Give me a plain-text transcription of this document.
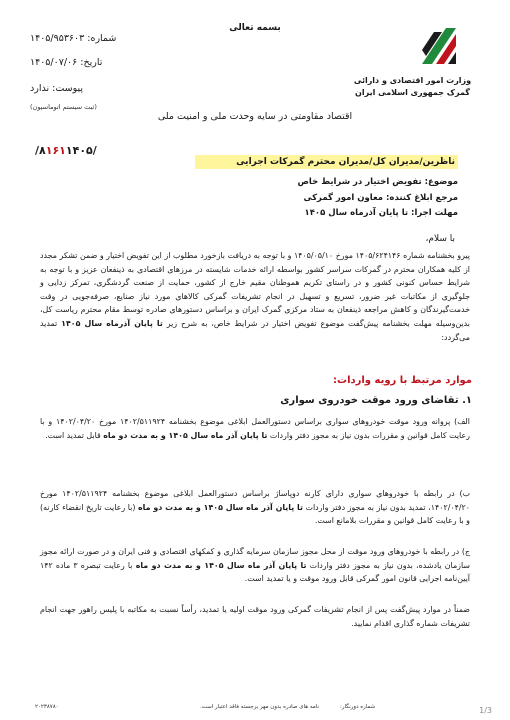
بسمه تعالی
شماره: ۱۴۰۵/۹۵۳۶۰۳
تاریخ: ۱۴۰۵/۰۷/۰۶
پیوست: ندارد
(ثبت سیستم اتوماسیون)
وزارت امور اقتصادی و دارائی
گمرک جمهوری اسلامی ایران
اقتصاد مقاومتی در سایه وحدت ملی و امنیت ملی
/۸۱۶۱۱۴۰۵/
ناظرین/مدیران کل/مدیران محترم گمرکات اجرایی
موضوع: تفویض اختیار در شرایط خاص
مرجع ابلاغ کننده: معاون امور گمرکی
مهلت اجرا: تا پایان آذرماه سال ۱۴۰۵
با سلام،
پیرو بخشنامه شماره ۱۴۰۵/۶۲۴۱۴۶ مورخ ۱۴۰۵/۰۵/۱۰ و با توجه به دریافت بازخورد مطلوب از این تفویض اختیار و ضمن تشکر مجدد از کلیه همکاران محترم در گمرکات سراسر کشور بواسطه ارائه خدمات شایسته در مرزهای اقتصادی به ذینفعان عزیز و با توجه به شرایط حساس کنونی کشور و در راستای تکریم هموطنان مقیم خارج از کشور، حمایت از صنعت گردشگری، تمرکز زدایی و جلوگیری از مکاتبات غیر ضرور، تسریع و تسهیل در انجام تشریفات گمرکی کالاهای مورد نیاز صنایع، صرفه‌جویی در وقت خدمت‌گیرندگان و کاهش مراجعه ذینفعان به ستاد مرکزی گمرک ایران و براساس دستورهای صادره توسط مقام محترم ریاست کل، بدین‌وسیله مهلت بخشنامه پیش‌گفت موضوع تفویض اختیار در شرایط خاص، به شرح زیر تا پایان آذرماه سال ۱۴۰۵ تمدید می‌گردد:
موارد مرتبط با رویه واردات:
۱. تقاضای ورود موقت خودروی سواری
الف) پروانه ورود موقت خودروهای سواری براساس دستورالعمل ابلاغی موضوع بخشنامه ۱۴۰۲/۵۱۱۹۲۴ مورخ ۱۴۰۲/۰۴/۲۰ و با رعایت کامل قوانین و مقررات بدون نیاز به مجوز دفتر واردات تا پایان آذر ماه سال ۱۴۰۵ و به مدت دو ماه قابل تمدید است.
ب) در رابطه با خودروهای سواری دارای کارنه دوپاساژ براساس دستورالعمل ابلاغی موضوع بخشنامه ۱۴۰۲/۵۱۱۹۲۴ مورخ ۱۴۰۲/۰۴/۲۰، تمدید بدون نیاز به مجوز دفتر واردات تا پایان آذر ماه سال ۱۴۰۵ و به مدت دو ماه (با رعایت تاریخ انقضاء کارنه) و با رعایت کامل قوانین و مقررات بلامانع است.
ج) در رابطه با خودروهای ورود موقت از محل مجوز سازمان سرمایه گذاری و کمکهای اقتصادی و فنی ایران و در صورت ارائه مجوز سازمان یادشده، بدون نیاز به مجوز دفتر واردات تا پایان آذر ماه سال ۱۴۰۵ و به مدت دو ماه با رعایت تبصره ۳ ماده ۱۴۲ آیین‌نامه اجرایی قانون امور گمرکی قابل ورود موقت و یا تمدید است.
ضمناً در موارد پیش‌گفت پس از انجام تشریفات گمرکی ورود موقت اولیه یا تمدید، رأساً نسبت به مکاتبه با پلیس راهور جهت انجام تشریفات شماره گذاری اقدام نمایید.
۲۰۲۳۸۷۸۰	نامه های صادره بدون مهر برجسته فاقد اعتبار است.	شماره دورنگار:	1/3
